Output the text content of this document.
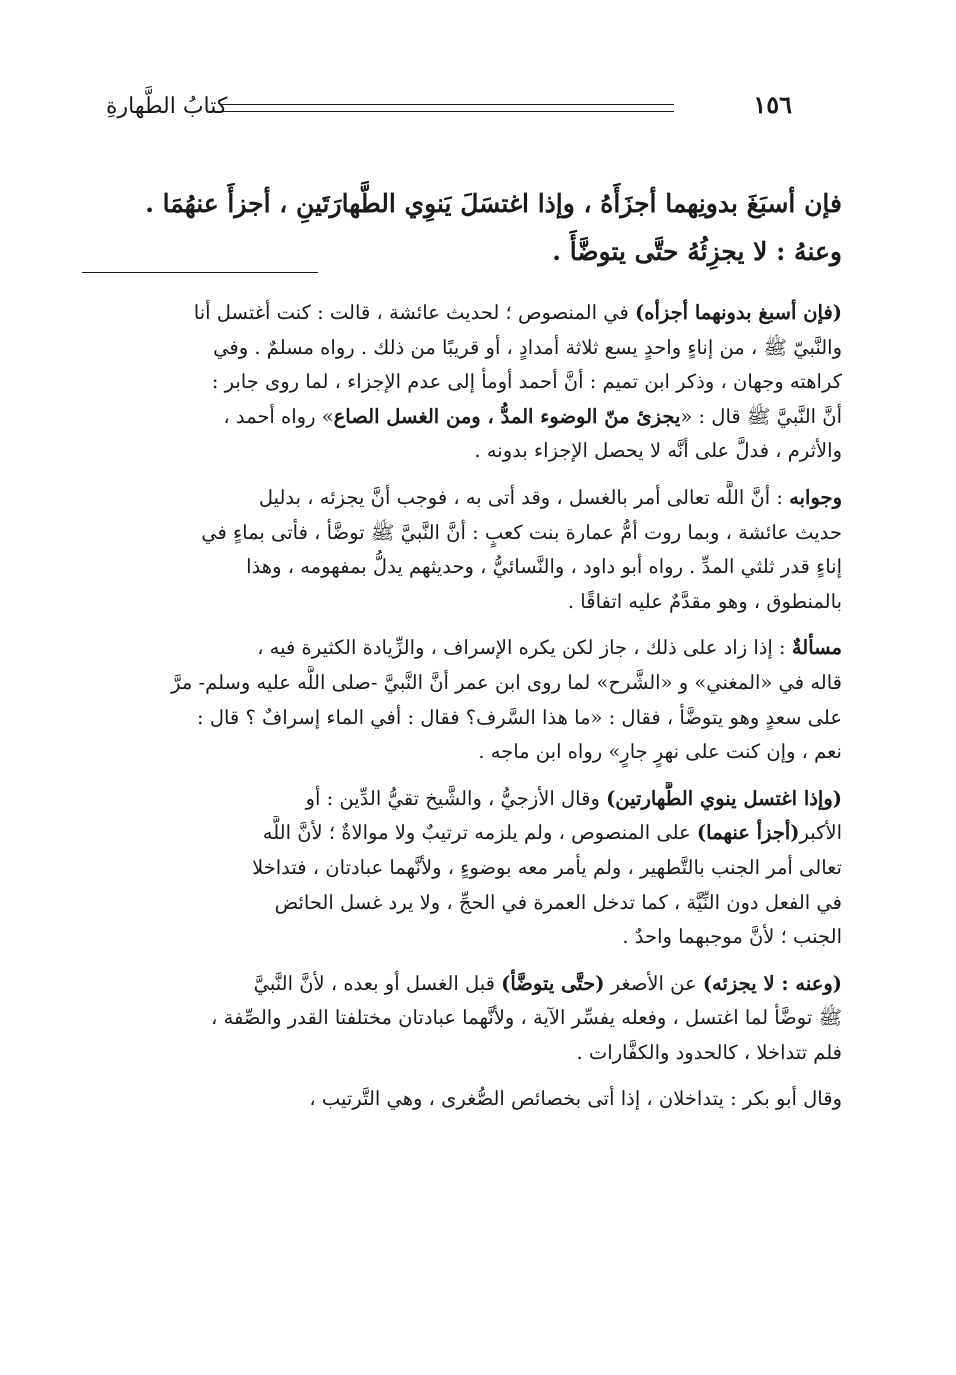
١٥٦
كتابُ الطَّهارةِ
فإن أسبَغَ بدونِهما أجزَأَهُ ، وإذا اغتسَلَ يَنوِي الطَّهارَتَينِ ، أجزأَ عنهُمَا .
وعنهُ : لا يجزِئُهُ حتَّى يتوضَّأَ .
(فإن أسبغ بدونهما أجزأه) في المنصوص ؛ لحديث عائشة ، قالت : كنت أغتسل أنا
والنَّبيّ ﷺ ، من إناءٍ واحدٍ يسع ثلاثة أمدادٍ ، أو قريبًا من ذلك . رواه مسلمٌ . وفي
كراهته وجهان ، وذكر ابن تميم : أنَّ أحمد أومأ إلى عدم الإجزاء ، لما روى جابر :
أنَّ النَّبيَّ ﷺ قال : «يجزئ منّ الوضوء المدُّ ، ومن الغسل الصاع» رواه أحمد ،
والأثرم ، فدلَّ على أنَّه لا يحصل الإجزاء بدونه .
وجوابه : أنَّ اللَّه تعالى أمر بالغسل ، وقد أتى به ، فوجب أنَّ يجزئه ، بدليل
حديث عائشة ، وبما روت أمُّ عمارة بنت كعبٍ : أنَّ النَّبيَّ ﷺ توضَّأ ، فأتى بماءٍ في
إناءٍ قدر ثلثي المدِّ . رواه أبو داود ، والنَّسائيُّ ، وحديثهم يدلُّ بمفهومه ، وهذا
بالمنطوق ، وهو مقدَّمٌ عليه اتفاقًا .
مسألةٌ : إذا زاد على ذلك ، جاز لكن يكره الإسراف ، والزِّيادة الكثيرة فيه ،
قاله في «المغني» و «الشَّرح» لما روى ابن عمر أنَّ النَّبيَّ -صلى اللَّه عليه وسلم- مرَّ
على سعدٍ وهو يتوضَّأ ، فقال : «ما هذا السَّرف؟ فقال : أفي الماء إسرافٌ ؟ قال :
نعم ، وإن كنت على نهرٍ جارٍ» رواه ابن ماجه .
(وإذا اغتسل ينوي الطَّهارتين) وقال الأزجيُّ ، والشَّيخ تقيُّ الدِّين : أو
الأكبر(أجزأ عنهما) على المنصوص ، ولم يلزمه ترتيبٌ ولا موالاةٌ ؛ لأنَّ اللَّه
تعالى أمر الجنب بالتَّطهير ، ولم يأمر معه بوضوءٍ ، ولأنَّهما عبادتان ، فتداخلا
في الفعل دون النِّيَّة ، كما تدخل العمرة في الحجِّ ، ولا يرد غسل الحائض
الجنب ؛ لأنَّ موجبهما واحدٌ .
(وعنه : لا يجزئه) عن الأصغر (حتَّى يتوضَّأ) قبل الغسل أو بعده ، لأنَّ النَّبيَّ
ﷺ توضَّأ لما اغتسل ، وفعله يفسِّر الآية ، ولأنَّهما عبادتان مختلفتا القدر والصِّفة ،
فلم تتداخلا ، كالحدود والكفَّارات .
وقال أبو بكر : يتداخلان ، إذا أتى بخصائص الصُّغرى ، وهي التَّرتيب ،
